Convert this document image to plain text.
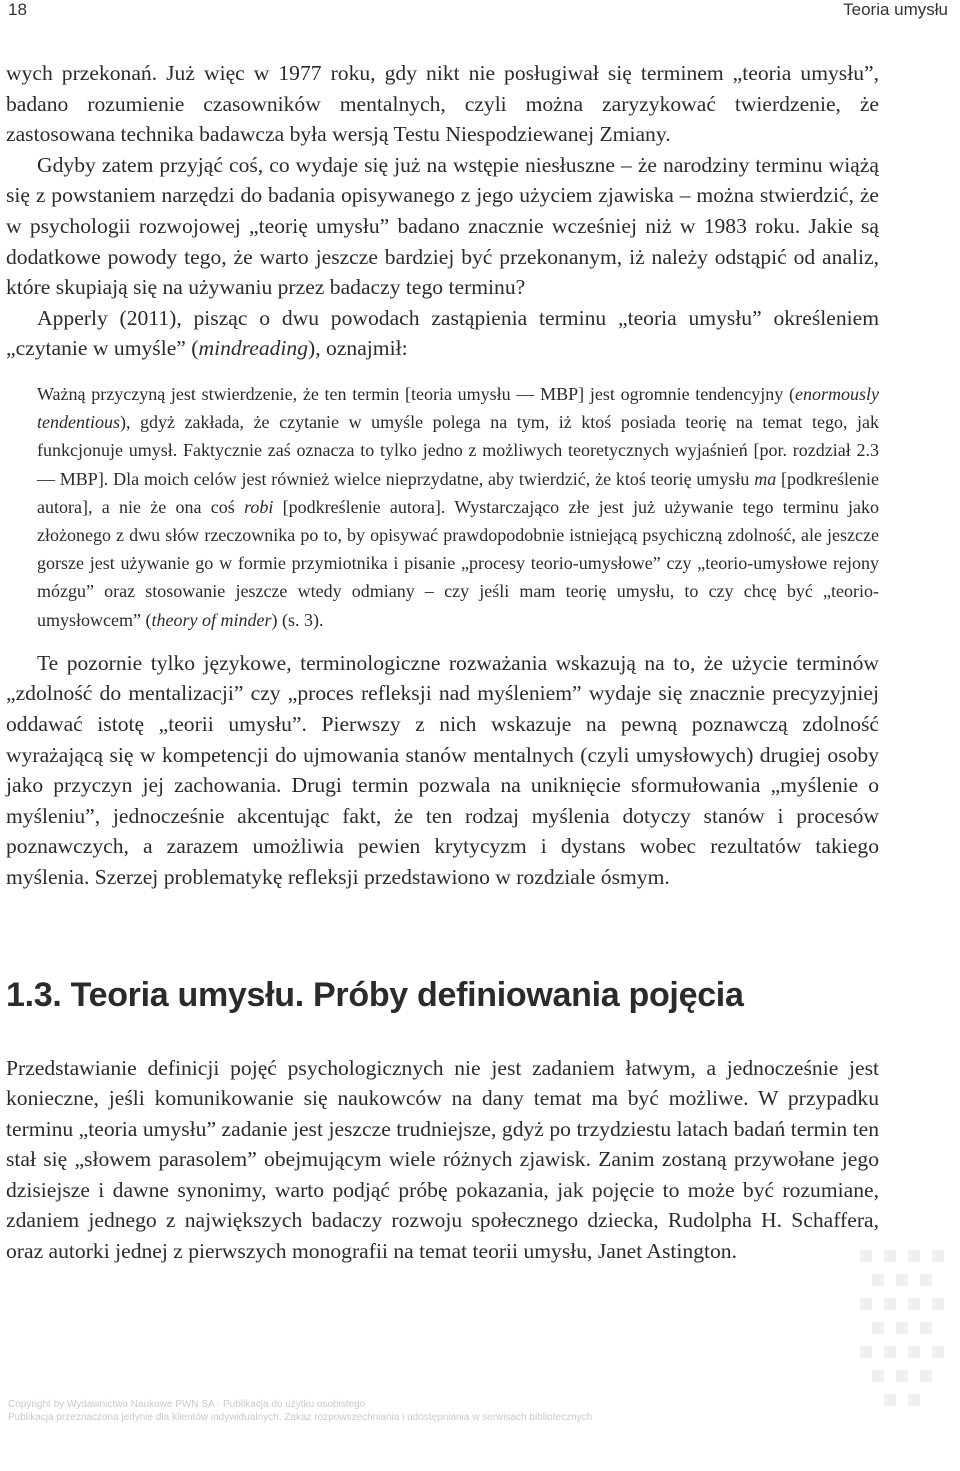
18	Teoria umysłu

wych przekonań. Już więc w 1977 roku, gdy nikt nie posługiwał się terminem „teoria umysłu”, badano rozumienie czasowników mentalnych, czyli można zaryzykować twierdzenie, że zastosowana technika badawcza była wersją Testu Niespodziewanej Zmiany.

Gdyby zatem przyjąć coś, co wydaje się już na wstępie niesłuszne – że narodziny terminu wiążą się z powstaniem narzędzi do badania opisywanego z jego użyciem zjawiska – można stwierdzić, że w psychologii rozwojowej „teorię umysłu” badano znacznie wcześniej niż w 1983 roku. Jakie są dodatkowe powody tego, że warto jeszcze bardziej być przekonanym, iż należy odstąpić od analiz, które skupiają się na używaniu przez badaczy tego terminu?

Apperly (2011), pisząc o dwu powodach zastąpienia terminu „teoria umysłu” określeniem „czytanie w umyśle” (mindreading), oznajmił:

Ważną przyczyną jest stwierdzenie, że ten termin [teoria umysłu — MBP] jest ogromnie tendencyjny (enormously tendentious), gdyż zakłada, że czytanie w umyśle polega na tym, iż ktoś posiada teorię na temat tego, jak funkcjonuje umysł. Faktycznie zaś oznacza to tylko jedno z możliwych teoretycznych wyjaśnień [por. rozdział 2.3 — MBP]. Dla moich celów jest również wielce nieprzydatne, aby twierdzić, że ktoś teorię umysłu ma [podkreślenie autora], a nie że ona coś robi [podkreślenie autora]. Wystarczająco złe jest już używanie tego terminu jako złożonego z dwu słów rzeczownika po to, by opisywać prawdopodobnie istniejącą psychiczną zdolność, ale jeszcze gorsze jest używanie go w formie przymiotnika i pisanie „procesy teorio-umysłowe” czy „teorio-umysłowe rejony mózgu” oraz stosowanie jeszcze wtedy odmiany – czy jeśli mam teorię umysłu, to czy chcę być „teorio-umysłowcem” (theory of minder) (s. 3).

Te pozornie tylko językowe, terminologiczne rozważania wskazują na to, że użycie terminów „zdolność do mentalizacji” czy „proces refleksji nad myśleniem” wydaje się znacznie precyzyjniej oddawać istotę „teorii umysłu”. Pierwszy z nich wskazuje na pewną poznawczą zdolność wyrażającą się w kompetencji do ujmowania stanów mentalnych (czyli umysłowych) drugiej osoby jako przyczyn jej zachowania. Drugi termin pozwala na uniknięcie sformułowania „myślenie o myśleniu”, jednocześnie akcentując fakt, że ten rodzaj myślenia dotyczy stanów i procesów poznawczych, a zarazem umożliwia pewien krytycyzm i dystans wobec rezultatów takiego myślenia. Szerzej problematykę refleksji przedstawiono w rozdziale ósmym.

1.3. Teoria umysłu. Próby definiowania pojęcia

Przedstawianie definicji pojęć psychologicznych nie jest zadaniem łatwym, a jednocześnie jest konieczne, jeśli komunikowanie się naukowców na dany temat ma być możliwe. W przypadku terminu „teoria umysłu” zadanie jest jeszcze trudniejsze, gdyż po trzydziestu latach badań termin ten stał się „słowem parasolem” obejmującym wiele różnych zjawisk. Zanim zostaną przywołane jego dzisiejsze i dawne synonimy, warto podjąć próbę pokazania, jak pojęcie to może być rozumiane, zdaniem jednego z największych badaczy rozwoju społecznego dziecka, Rudolpha H. Schaffera, oraz autorki jednej z pierwszych monografii na temat teorii umysłu, Janet Astington.

Copyright by Wydawnictwo Naukowe PWN SA · Publikacja do użytku osobistego
Publikacja przeznaczona jedynie dla klientów indywidualnych. Zakaz rozpowszechniania i udostępniania w serwisach bibliotecznych
